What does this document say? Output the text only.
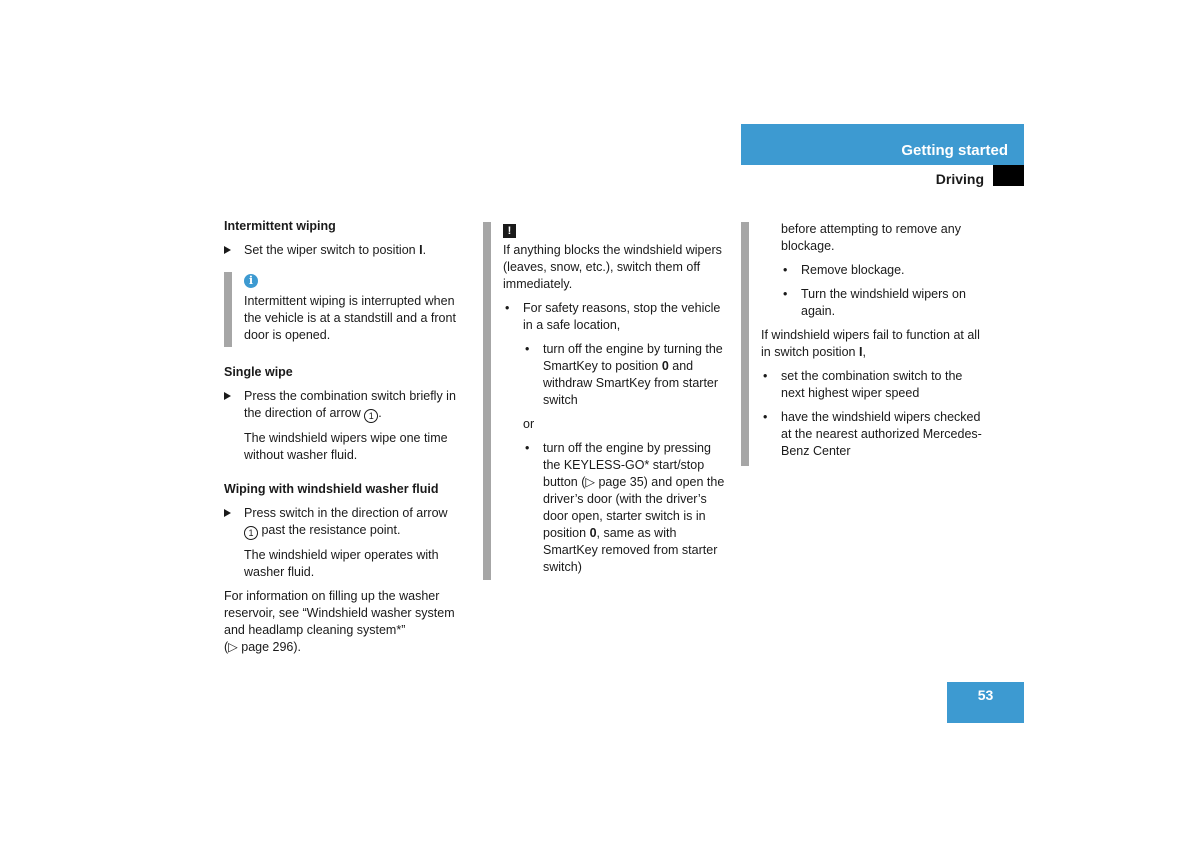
Getting started
Driving

Intermittent wiping

Set the wiper switch to position I.

i

Intermittent wiping is interrupted when the vehicle is at a standstill and a front door is opened.

Single wipe

Press the combination switch briefly in the direction of arrow 1 .

The windshield wipers wipe one time without washer fluid.

Wiping with windshield washer fluid

Press switch in the direction of arrow 1 past the resistance point.

The windshield wiper operates with washer fluid.

For information on filling up the washer reservoir, see “Windshield washer system and headlamp cleaning system*”
(▷ page 296).

!

If anything blocks the windshield wipers (leaves, snow, etc.), switch them off immediately.

• For safety reasons, stop the vehicle in a safe location,

• turn off the engine by turning the SmartKey to position 0 and withdraw SmartKey from starter switch

or

• turn off the engine by pressing the KEYLESS-GO* start/stop button (▷ page 35) and open the driver’s door (with the driver’s door open, starter switch is in position 0, same as with SmartKey removed from starter switch)

before attempting to remove any blockage.

• Remove blockage.

• Turn the windshield wipers on again.

If windshield wipers fail to function at all in switch position I,

• set the combination switch to the next highest wiper speed

• have the windshield wipers checked at the nearest authorized Mercedes-Benz Center

53
